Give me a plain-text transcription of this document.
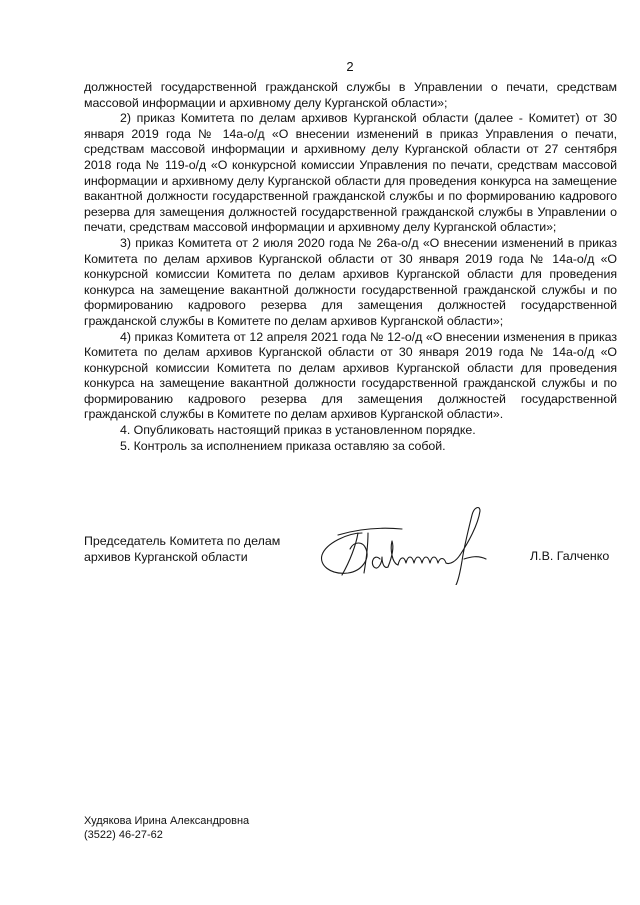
2

должностей государственной гражданской службы в Управлении о печати, средствам массовой информации и архивному делу Курганской области»;

2) приказ Комитета по делам архивов Курганской области (далее - Комитет) от 30 января 2019 года № 14а-о/д «О внесении изменений в приказ Управления о печати, средствам массовой информации и архивному делу Курганской области от 27 сентября 2018 года № 119-о/д «О конкурсной комиссии Управления по печати, средствам массовой информации и архивному делу Курганской области для проведения конкурса на замещение вакантной должности государственной гражданской службы и по формированию кадрового резерва для замещения должностей государственной гражданской службы в Управлении о печати, средствам массовой информации и архивному делу Курганской области»;

3) приказ Комитета от 2 июля 2020 года № 26а-о/д «О внесении изменений в приказ Комитета по делам архивов Курганской области от 30 января 2019 года № 14а-о/д «О конкурсной комиссии Комитета по делам архивов Курганской области для проведения конкурса на замещение вакантной должности государственной гражданской службы и по формированию кадрового резерва для замещения должностей государственной гражданской службы в Комитете по делам архивов Курганской области»;

4) приказ Комитета от 12 апреля 2021 года № 12-о/д «О внесении изменения в приказ Комитета по делам архивов Курганской области от 30 января 2019 года № 14а-о/д «О конкурсной комиссии Комитета по делам архивов Курганской области для проведения конкурса на замещение вакантной должности государственной гражданской службы и по формированию кадрового резерва для замещения должностей государственной гражданской службы в Комитете по делам архивов Курганской области».

4. Опубликовать настоящий приказ в установленном порядке.

5. Контроль за исполнением приказа оставляю за собой.

Председатель Комитета по делам
архивов Курганской области	Л.В. Галченко
Худякова Ирина Александровна
(3522) 46-27-62
